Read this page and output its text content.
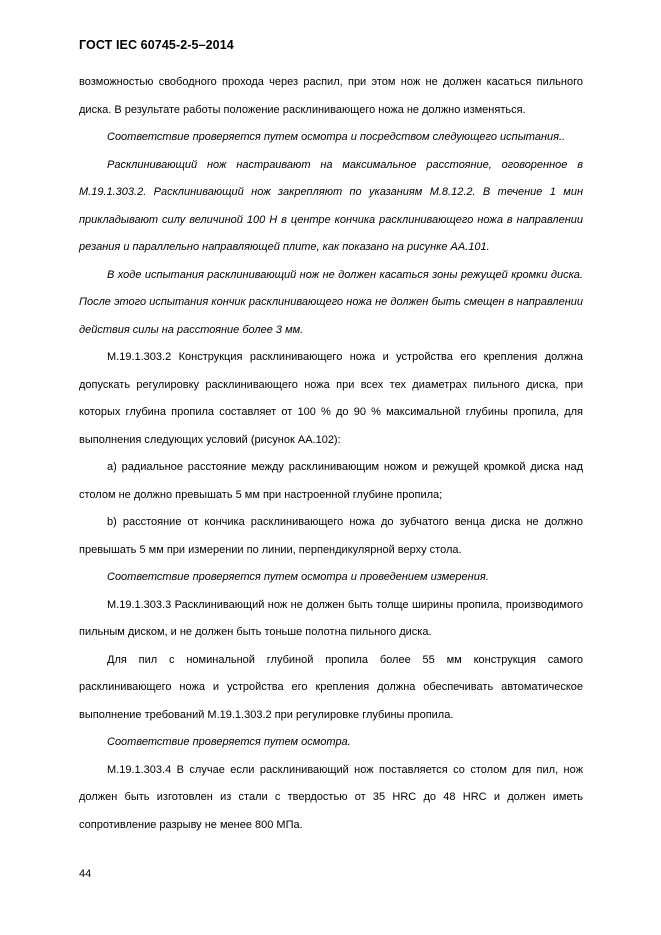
ГОСТ IEC 60745-2-5–2014

возможностью свободного прохода через распил, при этом нож не должен касаться пильного диска. В результате работы положение расклинивающего ножа не должно изменяться.

Соответствие проверяется путем осмотра и посредством следующего испытания..

Расклинивающий нож настраивают на максимальное расстояние, оговоренное в М.19.1.303.2. Расклинивающий нож закрепляют по указаниям М.8.12.2. В течение 1 мин прикладывают силу величиной 100 Н в центре кончика расклинивающего ножа в направлении резания и параллельно направляющей плите, как показано на рисунке АА.101.

В ходе испытания расклинивающий нож не должен касаться зоны режущей кромки диска. После этого испытания кончик расклинивающего ножа не должен быть смещен в направлении действия силы на расстояние более 3 мм.

М.19.1.303.2 Конструкция расклинивающего ножа и устройства его крепления должна допускать регулировку расклинивающего ножа при всех тех диаметрах пильного диска, при которых глубина пропила составляет от 100 % до 90 % максимальной глубины пропила, для выполнения следующих условий (рисунок АА.102):

a) радиальное расстояние между расклинивающим ножом и режущей кромкой диска над столом не должно превышать 5 мм при настроенной глубине пропила;

b) расстояние от кончика расклинивающего ножа до зубчатого венца диска не должно превышать 5 мм при измерении по линии, перпендикулярной верху стола.

Соответствие проверяется путем осмотра и проведением измерения.

М.19.1.303.3 Расклинивающий нож не должен быть толще ширины пропила, производимого пильным диском, и не должен быть тоньше полотна пильного диска.

Для пил с номинальной глубиной пропила более 55 мм конструкция самого расклинивающего ножа и устройства его крепления должна обеспечивать автоматическое выполнение требований М.19.1.303.2 при регулировке глубины пропила.

Соответствие проверяется путем осмотра.

М.19.1.303.4 В случае если расклинивающий нож поставляется со столом для пил, нож должен быть изготовлен из стали с твердостью от 35 HRC до 48 HRC и должен иметь сопротивление разрыву не менее 800 МПа.

44
